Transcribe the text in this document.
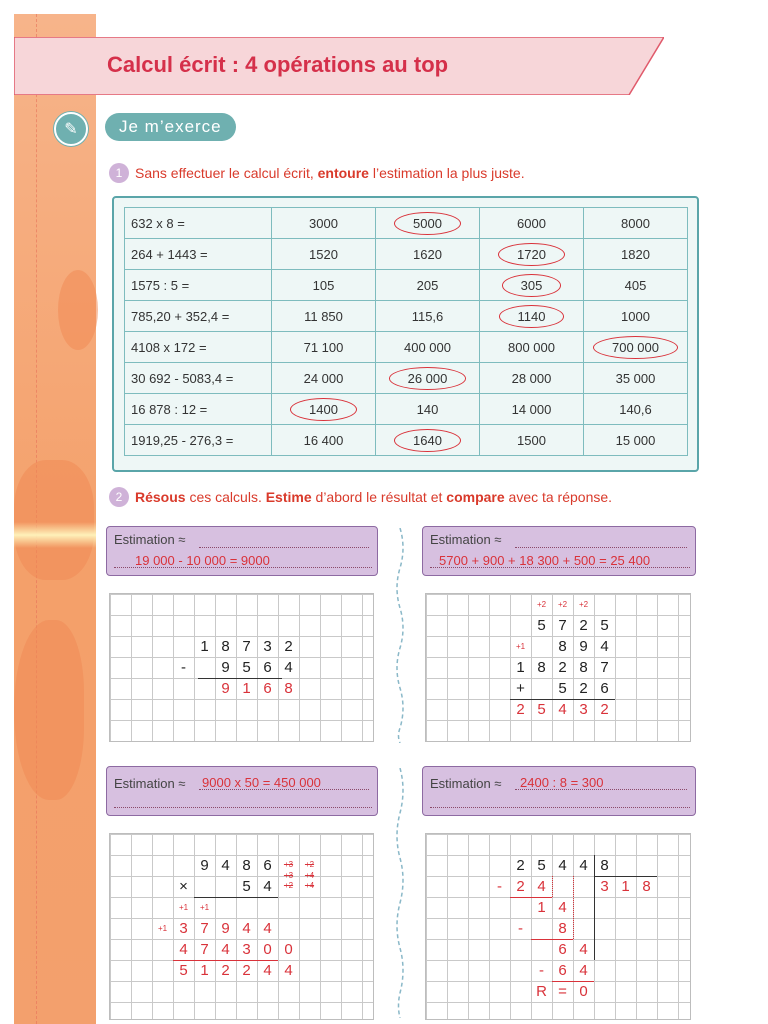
Calcul écrit : 4 opérations au top
✎	Je m’exerce
1 Sans effectuer le calcul écrit, entoure l’estimation la plus juste.
632 x 8 =	3000	5000	6000	8000
264 + 1443 =	1520	1620	1720	1820
1575 : 5 =	105	205	305	405
785,20 + 352,4 =	11 850	115,6	1140	1000
4108 x 172 =	71 100	400 000	800 000	700 000
30 692 - 5083,4 =	24 000	26 000	28 000	35 000
16 878 : 12 =	1400	140	14 000	140,6
1919,25 - 276,3 =	16 400	1640	1500	15 000
2 Résous ces calculs. Estime d’abord le résultat et compare avec ta réponse.
Estimation ≈
19 000 - 10 000 = 9000
Estimation ≈
5700 + 900 + 18 300 + 500 = 25 400
Estimation ≈ 9000 x 50 = 450 000	Estimation ≈ 2400 : 8 = 300
1 8 7 3 2
-	9 5 6 4
9 1 6 8
+2	+2	+2
5 7 2 5
+1	8 9 4
1 8 2 8 7
+	5 2 6
2 5 4 3 2
9 4 8 6
×	5 4
+3	+2
+3	+4
+2	+4
+1	+1
+1 3 7 9 4 4
4 7 4 3 0 0
5 1 2 2 4 4
2 5 4 4 8
3 1 8
- 2 4
1 4
-	8
6 4
- 6 4
R = 0
